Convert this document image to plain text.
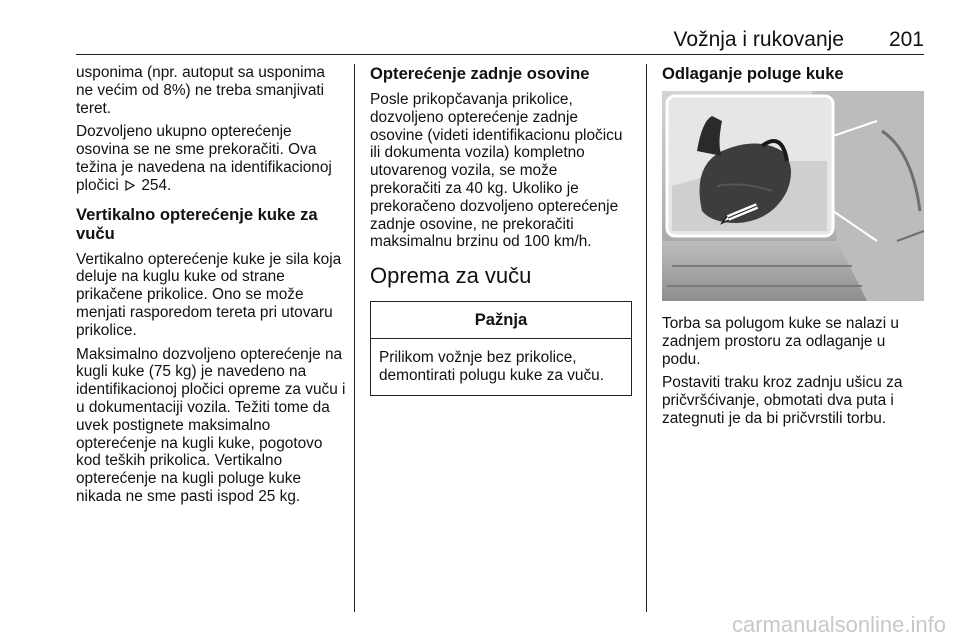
Vožnja i rukovanje 201

usponima (npr. autoput sa usponima ne većim od 8%) ne treba smanjivati teret.

Dozvoljeno ukupno opterećenje osovina se ne sme prekoračiti. Ova težina je navedena na identifikacionoj pločici 254.

Vertikalno opterećenje kuke za vuču

Vertikalno opterećenje kuke je sila koja deluje na kuglu kuke od strane prikačene prikolice. Ono se može menjati rasporedom tereta pri utovaru prikolice.

Maksimalno dozvoljeno opterećenje na kugli kuke (75 kg) je navedeno na identifikacionoj pločici opreme za vuču i u dokumentaciji vozila. Težiti tome da uvek postignete maksimalno opterećenje na kugli kuke, pogotovo kod teških prikolica. Vertikalno opterećenje na kugli poluge kuke nikada ne sme pasti ispod 25 kg.

Opterećenje zadnje osovine

Posle prikopčavanja prikolice, dozvoljeno opterećenje zadnje osovine (videti identifikacionu pločicu ili dokumenta vozila) kompletno utovarenog vozila, se može prekoračiti za 40 kg. Ukoliko je prekoračeno dozvoljeno opterećenje zadnje osovine, ne prekoračiti maksimalnu brzinu od 100 km/h.

Oprema za vuču
Pažnja
Prilikom vožnje bez prikolice, demontirati polugu kuke za vuču.
Odlaganje poluge kuke

Torba sa polugom kuke se nalazi u zadnjem prostoru za odlaganje u podu.

Postaviti traku kroz zadnju ušicu za pričvršćivanje, obmotati dva puta i zategnuti je da bi pričvrstili torbu.

carmanualsonline.info
